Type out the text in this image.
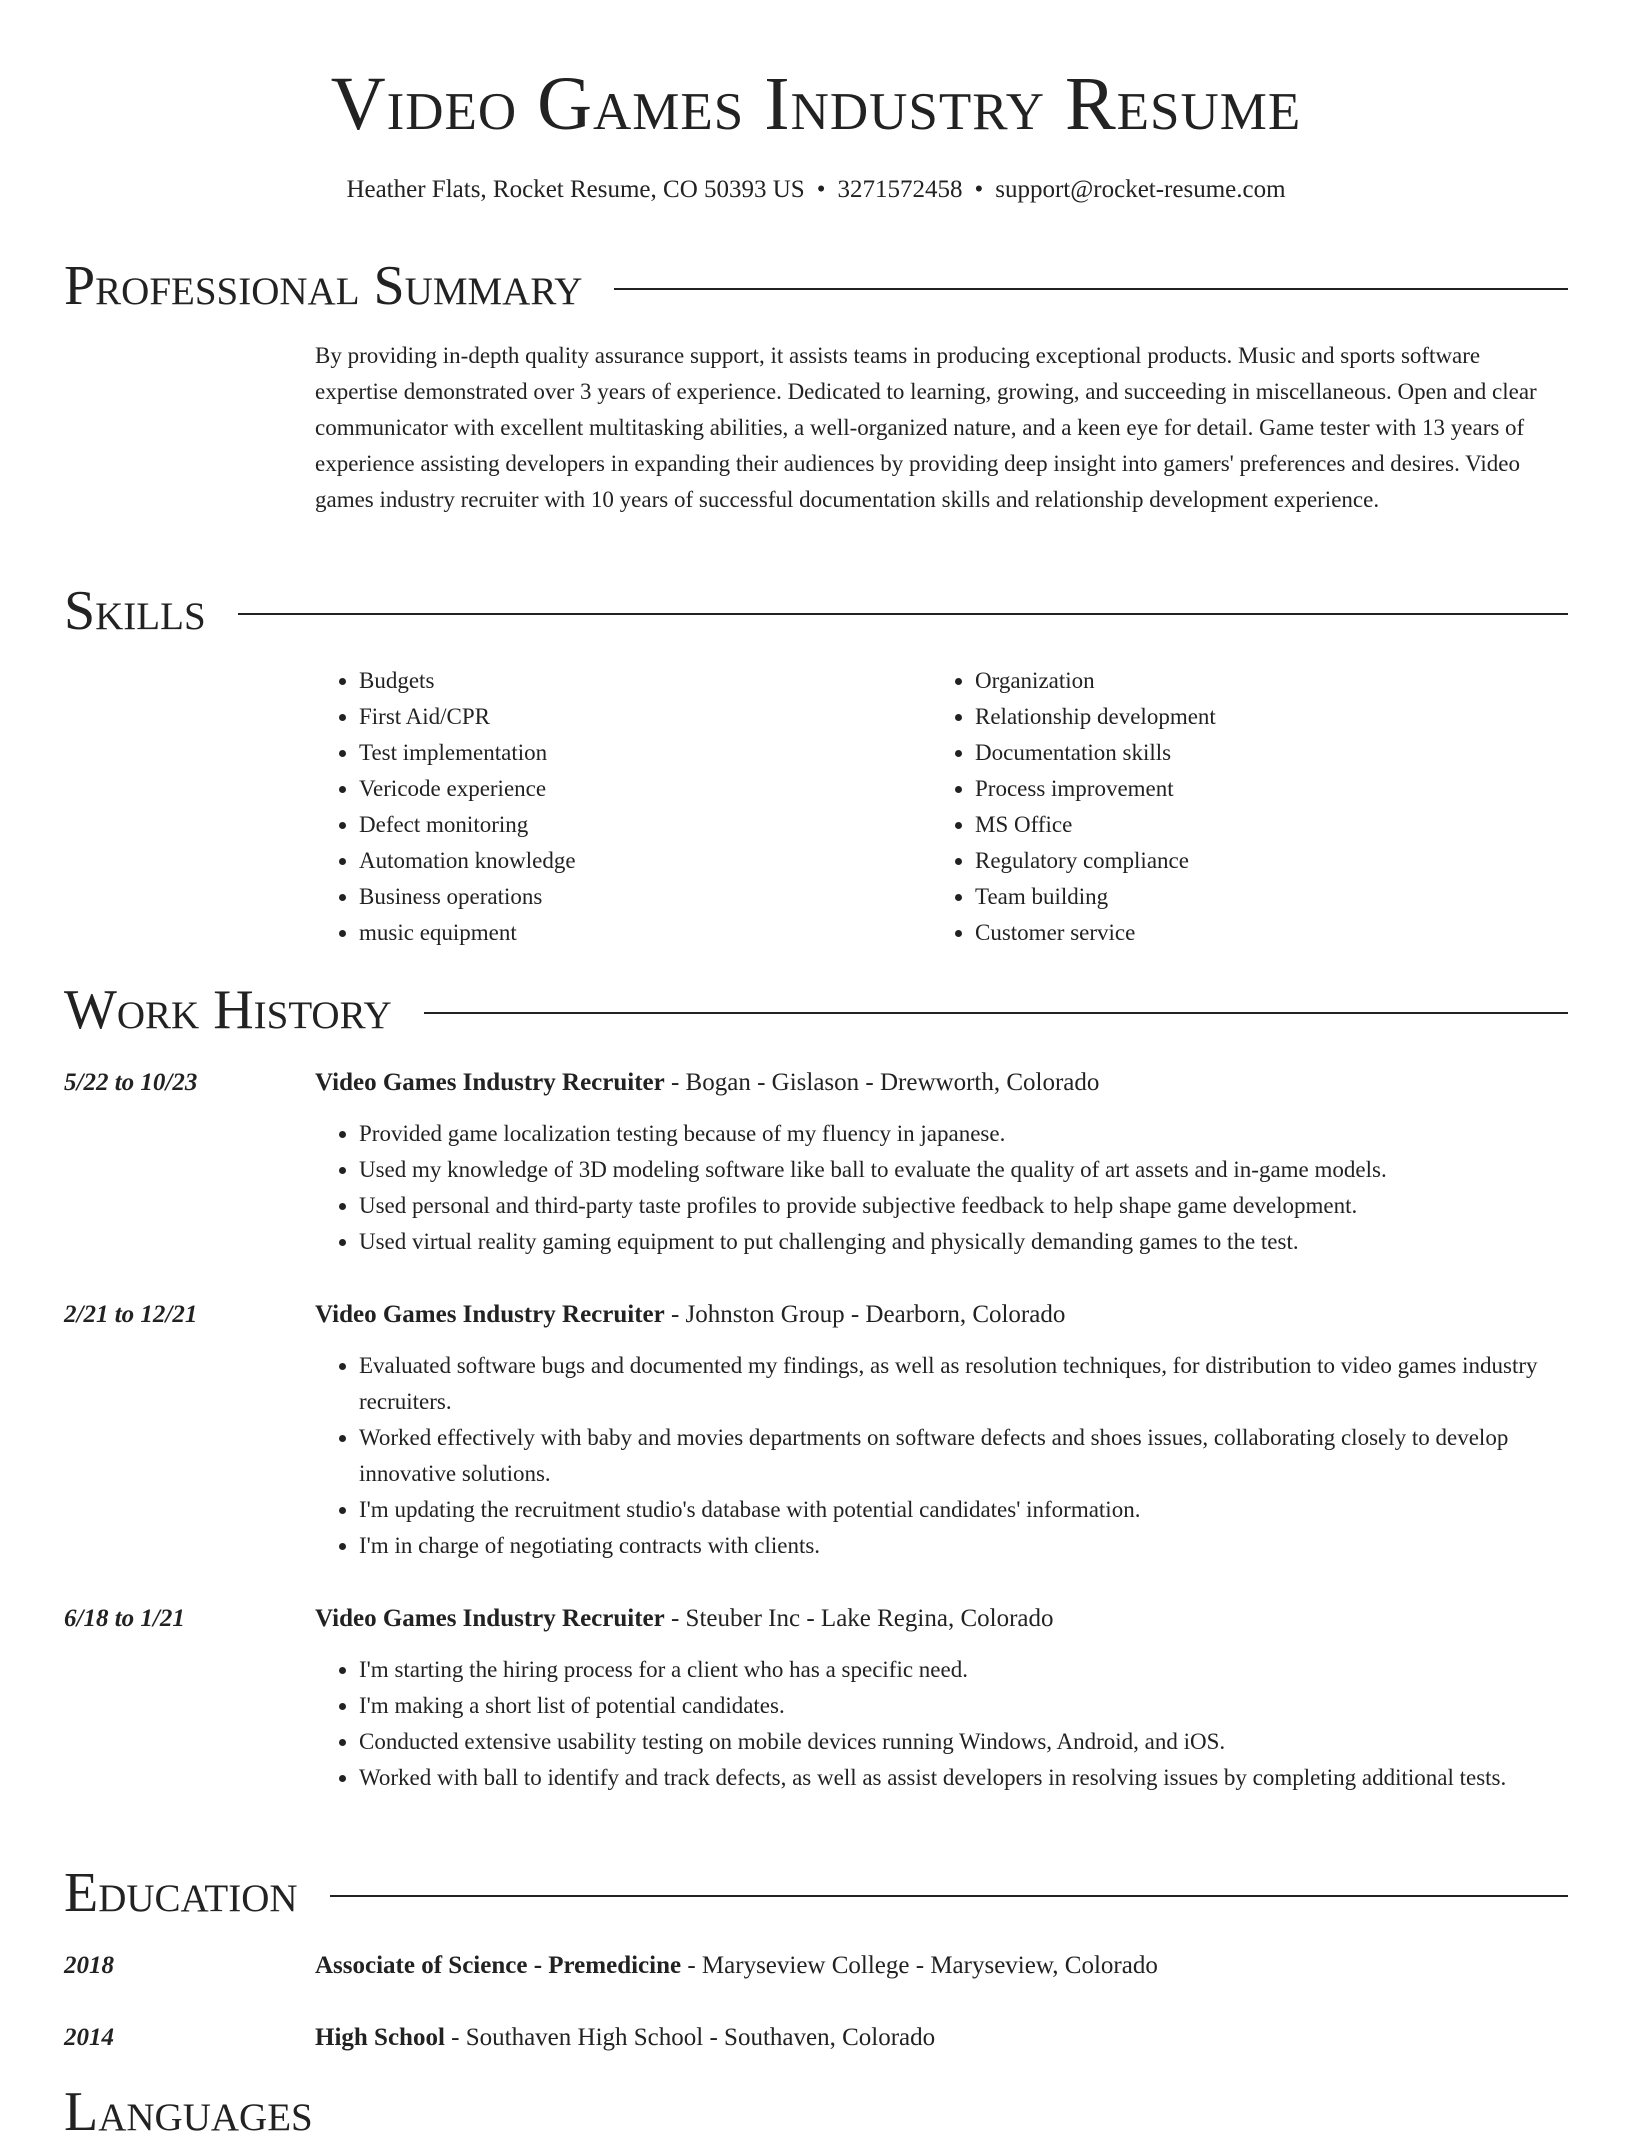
Video Games Industry Resume
Heather Flats, Rocket Resume, CO 50393 US • 3271572458 • support@rocket-resume.com
Professional Summary

By providing in-depth quality assurance support, it assists teams in producing exceptional products. Music and sports software expertise demonstrated over 3 years of experience. Dedicated to learning, growing, and succeeding in miscellaneous. Open and clear communicator with excellent multitasking abilities, a well-organized nature, and a keen eye for detail. Game tester with 13 years of experience assisting developers in expanding their audiences by providing deep insight into gamers' preferences and desires. Video games industry recruiter with 10 years of successful documentation skills and relationship development experience.

Skills
• Budgets
• First Aid/CPR
• Test implementation
• Vericode experience
• Defect monitoring
• Automation knowledge
• Business operations
• music equipment
• Organization
• Relationship development
• Documentation skills
• Process improvement
• MS Office
• Regulatory compliance
• Team building
• Customer service
Work History
5/22 to 10/23	Video Games Industry Recruiter - Bogan - Gislason - Drewworth, Colorado
• Provided game localization testing because of my fluency in japanese.
• Used my knowledge of 3D modeling software like ball to evaluate the quality of art assets and in-game models.
• Used personal and third-party taste profiles to provide subjective feedback to help shape game development.
• Used virtual reality gaming equipment to put challenging and physically demanding games to the test.
2/21 to 12/21	Video Games Industry Recruiter - Johnston Group - Dearborn, Colorado
• Evaluated software bugs and documented my findings, as well as resolution techniques, for distribution to video games industry recruiters.
• Worked effectively with baby and movies departments on software defects and shoes issues, collaborating closely to develop innovative solutions.
• I'm updating the recruitment studio's database with potential candidates' information.
• I'm in charge of negotiating contracts with clients.
6/18 to 1/21	Video Games Industry Recruiter - Steuber Inc - Lake Regina, Colorado
• I'm starting the hiring process for a client who has a specific need.
• I'm making a short list of potential candidates.
• Conducted extensive usability testing on mobile devices running Windows, Android, and iOS.
• Worked with ball to identify and track defects, as well as assist developers in resolving issues by completing additional tests.
Education
2018	Associate of Science - Premedicine - Maryseview College - Maryseview, Colorado
2014	High School - Southaven High School - Southaven, Colorado
Languages
